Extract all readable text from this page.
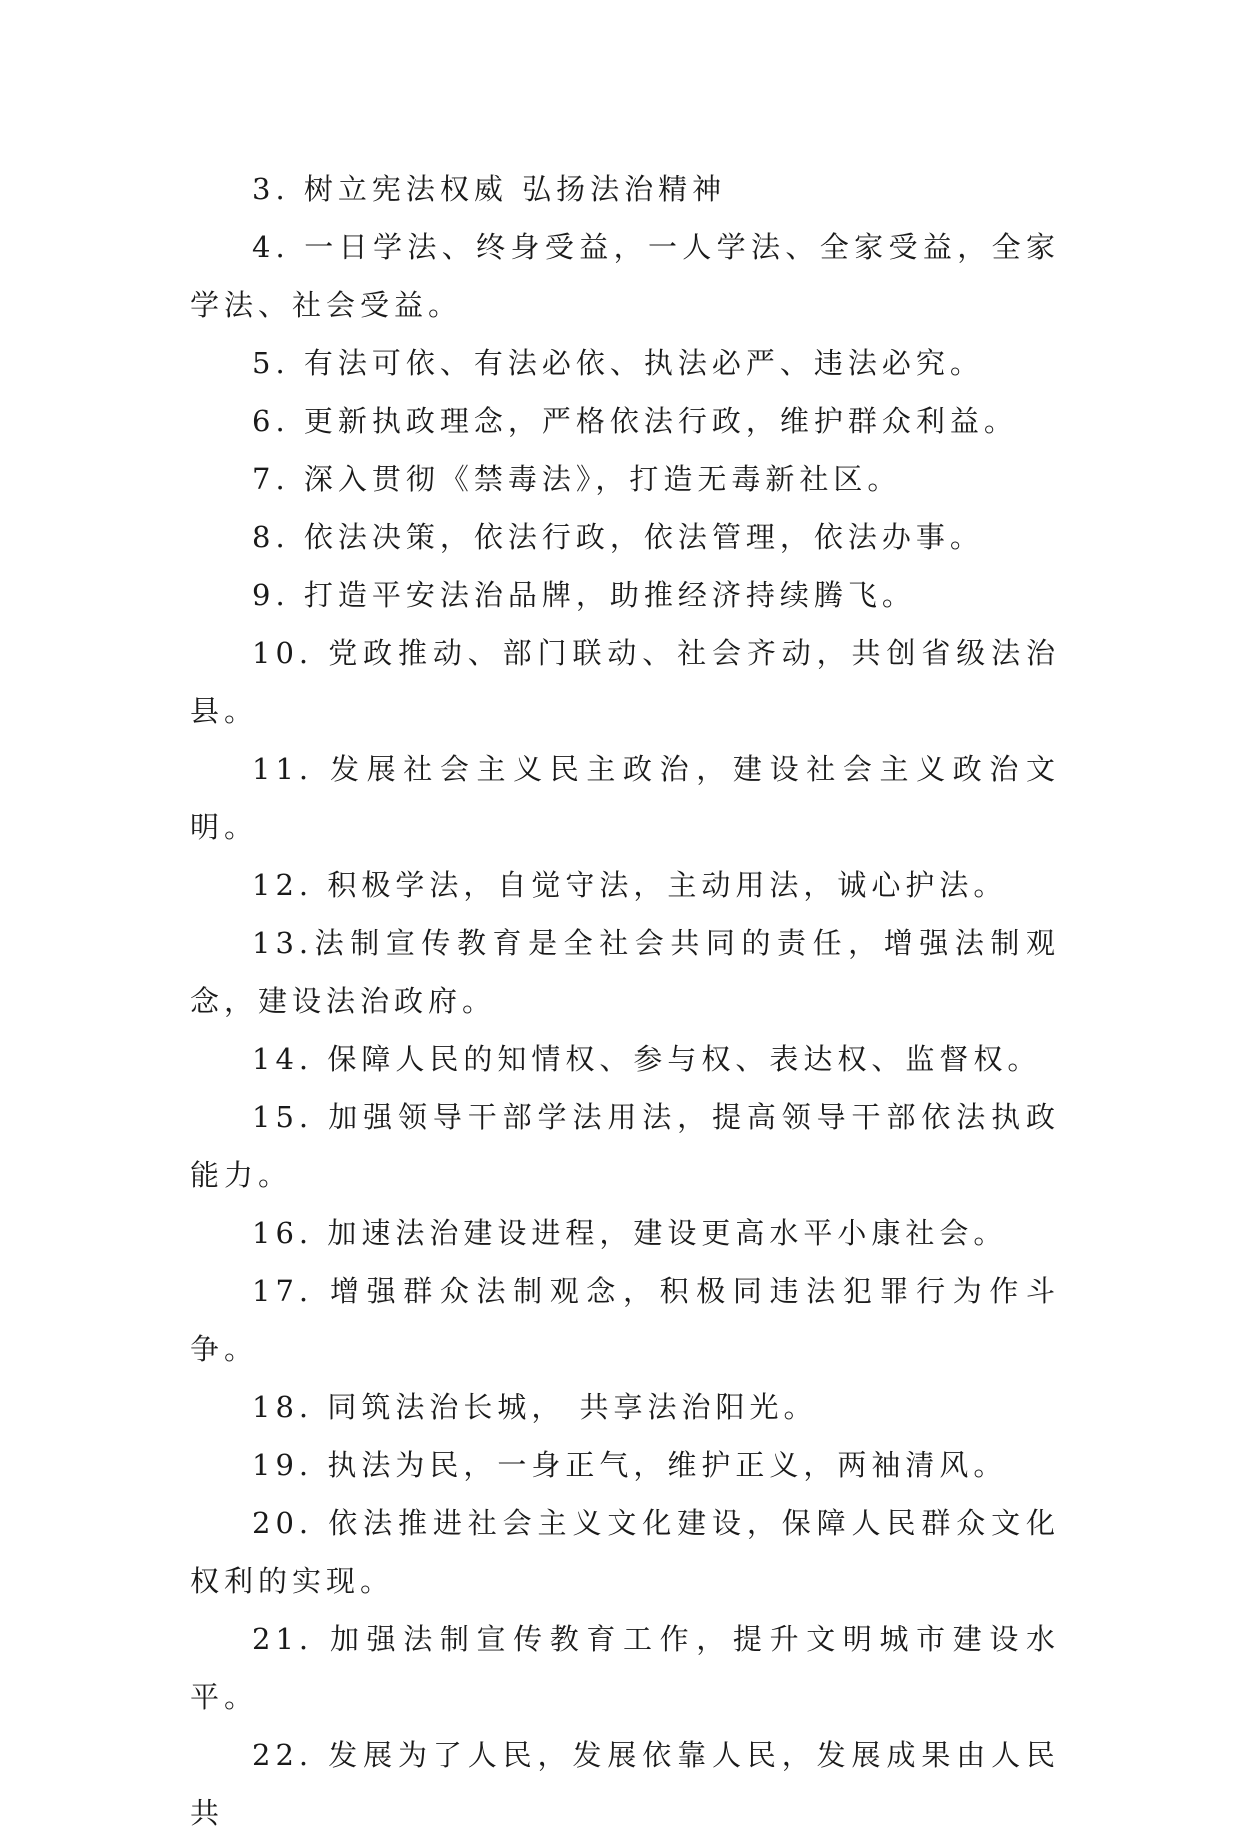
3. 树立宪法权威 弘扬法治精神

4. 一日学法、终身受益，一人学法、全家受益，全家学法、社会受益。

5. 有法可依、有法必依、执法必严、违法必究。

6. 更新执政理念，严格依法行政，维护群众利益。

7. 深入贯彻《禁毒法》，打造无毒新社区。

8. 依法决策，依法行政，依法管理，依法办事。

9. 打造平安法治品牌，助推经济持续腾飞。

10. 党政推动、部门联动、社会齐动，共创省级法治县。

11. 发展社会主义民主政治，建设社会主义政治文明。

12. 积极学法，自觉守法，主动用法，诚心护法。

13.法制宣传教育是全社会共同的责任，增强法制观念，建设法治政府。

14. 保障人民的知情权、参与权、表达权、监督权。

15. 加强领导干部学法用法，提高领导干部依法执政能力。

16. 加速法治建设进程，建设更高水平小康社会。

17. 增强群众法制观念，积极同违法犯罪行为作斗争。

18. 同筑法治长城， 共享法治阳光。

19. 执法为民，一身正气，维护正义，两袖清风。

20. 依法推进社会主义文化建设，保障人民群众文化权利的实现。

21. 加强法制宣传教育工作，提升文明城市建设水平。

22. 发展为了人民，发展依靠人民，发展成果由人民共
